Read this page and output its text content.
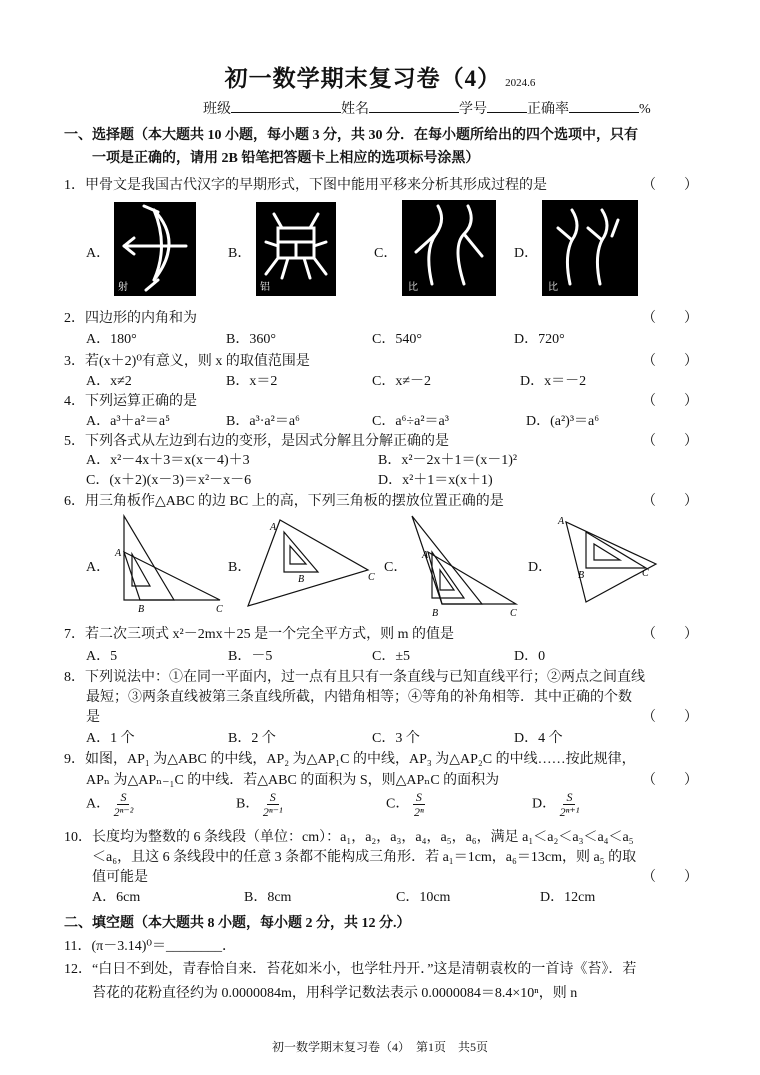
初一数学期末复习卷（4） 2024.6
班级	姓名	学号	正确率	%
一、选择题（本大题共 10 小题，每小题 3 分，共 30 分．在每小题所给出的四个选项中，只有
一项是正确的，请用 2B 铅笔把答题卡上相应的选项标号涂黑）
1．甲骨文是我国古代汉字的早期形式，下图中能用平移来分析其形成过程的是	（　　）
A．
射
B．
铝
C．
比
D．
比
2．四边形的内角和为	（　　）
A．180°	B．360°	C．540°	D．720°
3．若(x＋2)⁰有意义，则 x 的取值范围是	（　　）
A．x≠2	B．x＝2	C．x≠－2	D．x＝－2
4．下列运算正确的是	（　　）
A．a³＋a²＝a⁵	B．a³·a²＝a⁶	C．a⁶÷a²＝a³	D．(a²)³＝a⁶
5．下列各式从左边到右边的变形，是因式分解且分解正确的是	（　　）
A．x²－4x＋3＝x(x－4)＋3	B．x²－2x＋1＝(x－1)²
C．(x＋2)(x－3)＝x²－x－6	D．x²＋1＝x(x＋1)
6．用三角板作△ABC 的边 BC 上的高，下列三角板的摆放位置正确的是	（　　）
A．
A
B	C
B．
A
B	C
C．
A
B	C
D．
A
B	C
7．若二次三项式 x²－2mx＋25 是一个完全平方式，则 m 的值是	（　　）
A．5	B．－5	C．±5	D．0
8．下列说法中：①在同一平面内，过一点有且只有一条直线与已知直线平行；②两点之间直线
最短；③两条直线被第三条直线所截，内错角相等；④等角的补角相等．其中正确的个数
是	（　　）
A．1 个	B．2 个	C．3 个	D．4 个
9．如图，AP₁ 为△ABC 的中线，AP₂ 为△AP₁C 的中线，AP₃ 为△AP₂C 的中线……按此规律，
APₙ 为△APₙ₋₁C 的中线．若△ABC 的面积为 S，则△APₙC 的面积为	（　　）
A． $\frac{S}{\text{2ⁿ⁻²}}$	B． $\frac{S}{\text{2ⁿ⁻¹}}$	C． $\frac{S}{\text{2ⁿ}}$	D． $\frac{S}{\text{2ⁿ⁺¹}}$
10．长度均为整数的 6 条线段（单位：cm）：a₁，a₂，a₃，a₄，a₅，a₆，满足 a₁＜a₂＜a₃＜a₄＜a₅
＜a₆，且这 6 条线段中的任意 3 条都不能构成三角形．若 a₁＝1cm，a₆＝13cm，则 a₅ 的取
值可能是	（　　）
A．6cm	B．8cm	C．10cm	D．12cm
二、填空题（本大题共 8 小题，每小题 2 分，共 12 分.）
11．(π－3.14)⁰＝________．
12．“白日不到处，青春恰自来．苔花如米小，也学牡丹开．”这是清朝袁枚的一首诗《苔》．若
苔花的花粉直径约为 0.0000084m，用科学记数法表示 0.0000084＝8.4×10ⁿ，则 n
初一数学期末复习卷（4）　第1页　共5页
